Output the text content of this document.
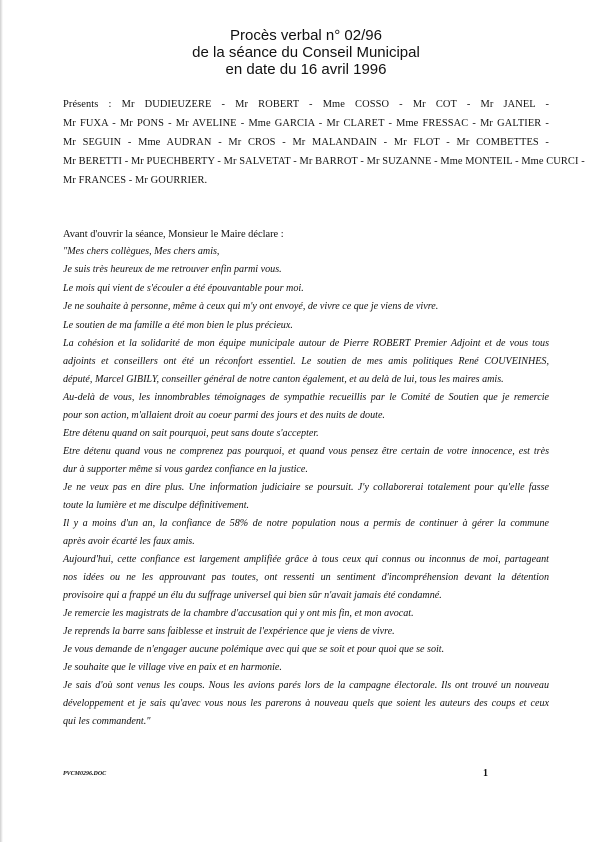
Procès verbal n° 02/96
de la séance du Conseil Municipal
en date du 16 avril 1996
Présents : Mr DUDIEUZERE - Mr ROBERT - Mme COSSO - Mr COT - Mr JANEL -
Mr FUXA - Mr PONS - Mr AVELINE - Mme GARCIA - Mr CLARET - Mme FRESSAC - Mr GALTIER -
Mr SEGUIN - Mme AUDRAN - Mr CROS - Mr MALANDAIN - Mr FLOT - Mr COMBETTES -
Mr BERETTI - Mr PUECHBERTY - Mr SALVETAT - Mr BARROT - Mr SUZANNE - Mme MONTEIL - Mme CURCI -
Mr FRANCES - Mr GOURRIER.
Avant d'ouvrir la séance, Monsieur le Maire déclare :
"Mes chers collègues, Mes chers amis,
Je suis très heureux de me retrouver enfin parmi vous.
Le mois qui vient de s'écouler a été épouvantable pour moi.
Je ne souhaite à personne, même à ceux qui m'y ont envoyé, de vivre ce que je viens de vivre.
Le soutien de ma famille a été mon bien le plus précieux.
La cohésion et la solidarité de mon équipe municipale autour de Pierre ROBERT Premier Adjoint et de vous tous
adjoints et conseillers ont été un réconfort essentiel. Le soutien de mes amis politiques René COUVEINHES,
député, Marcel GIBILY, conseiller général de notre canton également, et au delà de lui, tous les maires amis.
Au-delà de vous, les innombrables témoignages de sympathie recueillis par le Comité de Soutien que je remercie
pour son action, m'allaient droit au coeur parmi des jours et des nuits de doute.
Etre détenu quand on sait pourquoi, peut sans doute s'accepter.
Etre détenu quand vous ne comprenez pas pourquoi, et quand vous pensez être certain de votre innocence, est très
dur à supporter même si vous gardez confiance en la justice.
Je ne veux pas en dire plus. Une information judiciaire se poursuit. J'y collaborerai totalement pour qu'elle fasse
toute la lumière et me disculpe définitivement.
Il y a moins d'un an, la confiance de 58% de notre population nous a permis de continuer à gérer la commune
après avoir écarté les faux amis.
Aujourd'hui, cette confiance est largement amplifiée grâce à tous ceux qui connus ou inconnus de moi, partageant
nos idées ou ne les approuvant pas toutes, ont ressenti un sentiment d'incompréhension devant la détention
provisoire qui a frappé un élu du suffrage universel qui bien sûr n'avait jamais été condamné.
Je remercie les magistrats de la chambre d'accusation qui y ont mis fin, et mon avocat.
Je reprends la barre sans faiblesse et instruit de l'expérience que je viens de vivre.
Je vous demande de n'engager aucune polémique avec qui que se soit et pour quoi que se soit.
Je souhaite que le village vive en paix et en harmonie.
Je sais d'où sont venus les coups. Nous les avions parés lors de la campagne électorale. Ils ont trouvé un nouveau
développement et je sais qu'avec vous nous les parerons à nouveau quels que soient les auteurs des coups et ceux
qui les commandent."
PVCM0296.DOC	1
